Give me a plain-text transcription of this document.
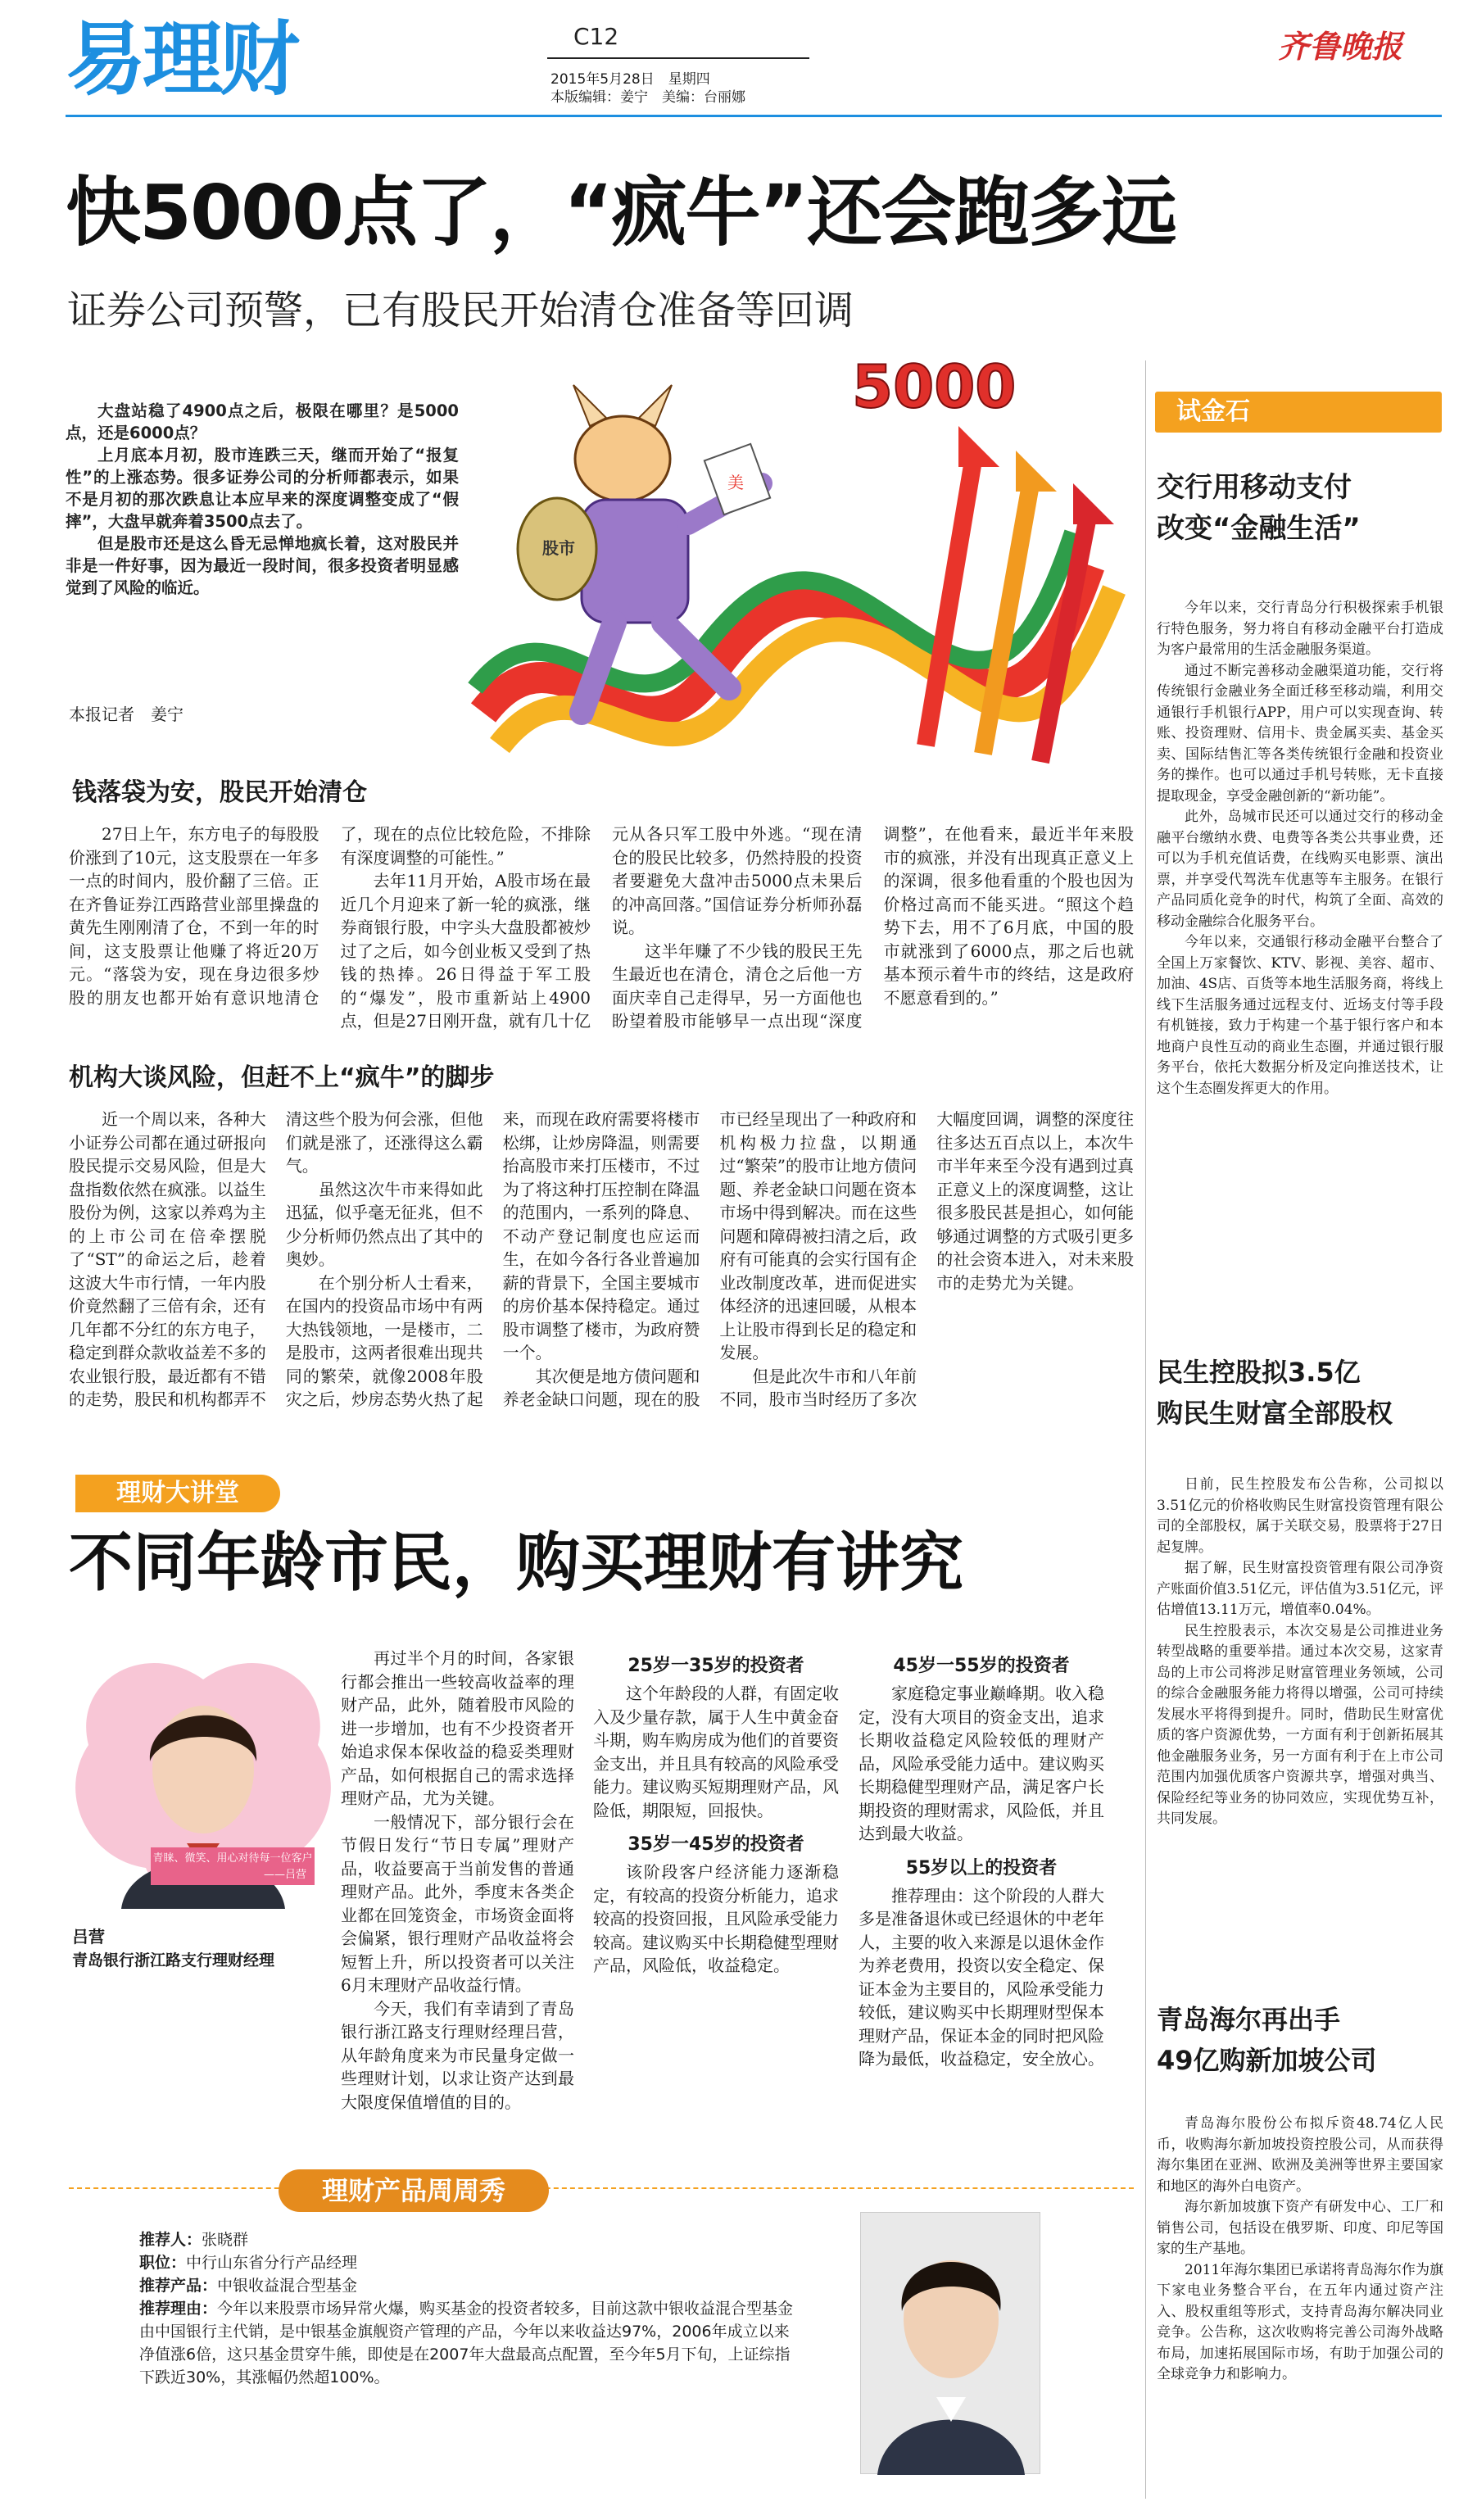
易理财	C12
2015年5月28日　星期四
本版编辑：姜宁　美编：台丽娜
齐鲁晚报
快5000点了，“疯牛”还会跑多远
证券公司预警，已有股民开始清仓准备等回调

大盘站稳了4900点之后，极限在哪里？是5000点，还是6000点？

上月底本月初，股市连跌三天，继而开始了“报复性”的上涨态势。很多证券公司的分析师都表示，如果不是月初的那次跌息让本应早来的深度调整变成了“假摔”，大盘早就奔着3500点去了。

但是股市还是这么昏无忌惮地疯长着，这对股民并非是一件好事，因为最近一段时间，很多投资者明显感觉到了风险的临近。

本报记者　姜宁
股市
美
5000
钱落袋为安，股民开始清仓

27日上午，东方电子的每股股价涨到了10元，这支股票在一年多一点的时间内，股价翻了三倍。正在齐鲁证券江西路营业部里操盘的黄先生刚刚清了仓，不到一年的时间，这支股票让他赚了将近20万元。“落袋为安，现在身边很多炒股的朋友也都开始有意识地清仓了，现在的点位比较危险，不排除有深度调整的可能性。”

去年11月开始，A股市场在最近几个月迎来了新一轮的疯涨，继券商银行股，中字头大盘股都被炒过了之后，如今创业板又受到了热钱的热捧。26日得益于军工股的“爆发”，股市重新站上4900点，但是27日刚开盘，就有几十亿元从各只军工股中外逃。“现在清仓的股民比较多，仍然持股的投资者要避免大盘冲击5000点未果后的冲高回落。”国信证券分析师孙磊说。

这半年赚了不少钱的股民王先生最近也在清仓，清仓之后他一方面庆幸自己走得早，另一方面他也盼望着股市能够早一点出现“深度调整”，在他看来，最近半年来股市的疯涨，并没有出现真正意义上的深调，很多他看重的个股也因为价格过高而不能买进。“照这个趋势下去，用不了6月底，中国的股市就涨到了6000点，那之后也就基本预示着牛市的终结，这是政府不愿意看到的。”

机构大谈风险，但赶不上“疯牛”的脚步

近一个周以来，各种大小证券公司都在通过研报向股民提示交易风险，但是大盘指数依然在疯涨。以益生股份为例，这家以养鸡为主的上市公司在倍牵摆脱了“ST”的命运之后，趁着这波大牛市行情，一年内股价竟然翻了三倍有余，还有几年都不分红的东方电子，稳定到群众款收益差不多的农业银行股，最近都有不错的走势，股民和机构都弄不清这些个股为何会涨，但他们就是涨了，还涨得这么霸气。

虽然这次牛市来得如此迅猛，似乎毫无征兆，但不少分析师仍然点出了其中的奥妙。

在个别分析人士看来，在国内的投资品市场中有两大热钱领地，一是楼市，二是股市，这两者很难出现共同的繁荣，就像2008年股灾之后，炒房态势火热了起来，而现在政府需要将楼市松绑，让炒房降温，则需要抬高股市来打压楼市，不过为了将这种打压控制在降温的范围内，一系列的降息、不动产登记制度也应运而生，在如今各行各业普遍加薪的背景下，全国主要城市的房价基本保持稳定。通过股市调整了楼市，为政府赞一个。

其次便是地方债问题和养老金缺口问题，现在的股市已经呈现出了一种政府和机构极力拉盘，以期通过“繁荣”的股市让地方债问题、养老金缺口问题在资本市场中得到解决。而在这些问题和障碍被扫清之后，政府有可能真的会实行国有企业改制度改革，进而促进实体经济的迅速回暖，从根本上让股市得到长足的稳定和发展。

但是此次牛市和八年前不同，股市当时经历了多次大幅度回调，调整的深度往往多达五百点以上，本次牛市半年来至今没有遇到过真正意义上的深度调整，这让很多股民甚是担心，如何能够通过调整的方式吸引更多的社会资本进入，对未来股市的走势尤为关键。

理财大讲堂
不同年龄市民，购买理财有讲究
青睐、微笑、用心对待每一位客户
——吕营
吕营
青岛银行浙江路支行理财经理

再过半个月的时间，各家银行都会推出一些较高收益率的理财产品，此外，随着股市风险的进一步增加，也有不少投资者开始追求保本保收益的稳妥类理财产品，如何根据自己的需求选择理财产品，尤为关键。

一般情况下，部分银行会在节假日发行“节日专属”理财产品，收益要高于当前发售的普通理财产品。此外，季度末各类企业都在回笼资金，市场资金面将会偏紧，银行理财产品收益将会短暂上升，所以投资者可以关注6月末理财产品收益行情。

今天，我们有幸请到了青岛银行浙江路支行理财经理吕营，从年龄角度来为市民量身定做一些理财计划，以求让资产达到最大限度保值增值的目的。

25岁一35岁的投资者

这个年龄段的人群，有固定收入及少量存款，属于人生中黄金奋斗期，购车购房成为他们的首要资金支出，并且具有较高的风险承受能力。建议购买短期理财产品，风险低，期限短，回报快。

35岁一45岁的投资者

该阶段客户经济能力逐渐稳定，有较高的投资分析能力，追求较高的投资回报，且风险承受能力较高。建议购买中长期稳健型理财产品，风险低，收益稳定。

45岁一55岁的投资者

家庭稳定事业巅峰期。收入稳定，没有大项目的资金支出，追求长期收益稳定风险较低的理财产品，风险承受能力适中。建议购买长期稳健型理财产品，满足客户长期投资的理财需求，风险低，并且达到最大收益。

55岁以上的投资者

推荐理由：这个阶段的人群大多是准备退休或已经退休的中老年人，主要的收入来源是以退休金作为养老费用，投资以安全稳定、保证本金为主要目的，风险承受能力较低，建议购买中长期理财型保本理财产品，保证本金的同时把风险降为最低，收益稳定，安全放心。

理财产品周周秀
推荐人：张晓群
职位：中行山东省分行产品经理
推荐产品：中银收益混合型基金
推荐理由：今年以来股票市场异常火爆，购买基金的投资者较多，目前这款中银收益混合型基金由中国银行主代销，是中银基金旗舰资产管理的产品，今年以来收益达97%，2006年成立以来净值涨6倍，这只基金贯穿牛熊，即使是在2007年大盘最高点配置，至今年5月下旬，上证综指下跌近30%，其涨幅仍然超100%。
试金石
交行用移动支付
改变“金融生活”

今年以来，交行青岛分行积极探索手机银行特色服务，努力将自有移动金融平台打造成为客户最常用的生活金融服务渠道。

通过不断完善移动金融渠道功能，交行将传统银行金融业务全面迁移至移动端，利用交通银行手机银行APP，用户可以实现查询、转账、投资理财、信用卡、贵金属买卖、基金买卖、国际结售汇等各类传统银行金融和投资业务的操作。也可以通过手机号转账，无卡直接提取现金，享受金融创新的“新功能”。

此外，岛城市民还可以通过交行的移动金融平台缴纳水费、电费等各类公共事业费，还可以为手机充值话费，在线购买电影票、演出票，并享受代驾洗车优惠等车主服务。在银行产品同质化竞争的时代，构筑了全面、高效的移动金融综合化服务平台。

今年以来，交通银行移动金融平台整合了全国上万家餐饮、KTV、影视、美容、超市、加油、4S店、百货等本地生活服务商，将线上线下生活服务通过远程支付、近场支付等手段有机链接，致力于构建一个基于银行客户和本地商户良性互动的商业生态圈，并通过银行服务平台，依托大数据分析及定向推送技术，让这个生态圈发挥更大的作用。

民生控股拟3.5亿
购民生财富全部股权

日前，民生控股发布公告称，公司拟以3.51亿元的价格收购民生财富投资管理有限公司的全部股权，属于关联交易，股票将于27日起复牌。

据了解，民生财富投资管理有限公司净资产账面价值3.51亿元，评估值为3.51亿元，评估增值13.11万元，增值率0.04%。

民生控股表示，本次交易是公司推进业务转型战略的重要举措。通过本次交易，这家青岛的上市公司将涉足财富管理业务领域，公司的综合金融服务能力将得以增强，公司可持续发展水平将得到提升。同时，借助民生财富优质的客户资源优势，一方面有利于创新拓展其他金融服务业务，另一方面有利于在上市公司范围内加强优质客户资源共享，增强对典当、保险经纪等业务的协同效应，实现优势互补，共同发展。

青岛海尔再出手
49亿购新加坡公司

青岛海尔股份公布拟斥资48.74亿人民币，收购海尔新加坡投资控股公司，从而获得海尔集团在亚洲、欧洲及美洲等世界主要国家和地区的海外白电资产。

海尔新加坡旗下资产有研发中心、工厂和销售公司，包括设在俄罗斯、印度、印尼等国家的生产基地。

2011年海尔集团已承诺将青岛海尔作为旗下家电业务整合平台，在五年内通过资产注入、股权重组等形式，支持青岛海尔解决同业竞争。公告称，这次收购将完善公司海外战略布局，加速拓展国际市场，有助于加强公司的全球竞争力和影响力。
